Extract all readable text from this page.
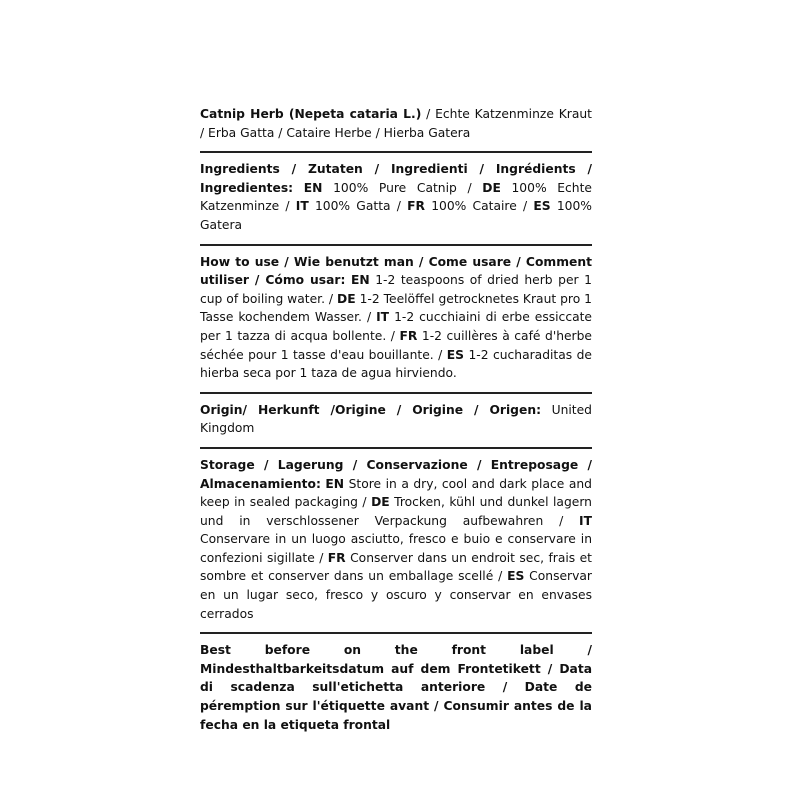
Catnip Herb (Nepeta cataria L.) / Echte Katzenminze Kraut / Erba Gatta / Cataire Herbe / Hierba Gatera
Ingredients / Zutaten / Ingredienti / Ingrédients / Ingredientes: EN 100% Pure Catnip / DE 100% Echte Katzenminze / IT 100% Gatta / FR 100% Cataire / ES 100% Gatera
How to use / Wie benutzt man / Come usare / Comment utiliser / Cómo usar: EN 1-2 teaspoons of dried herb per 1 cup of boiling water. / DE 1-2 Teelöffel getrocknetes Kraut pro 1 Tasse kochendem Wasser. / IT 1-2 cucchiaini di erbe essiccate per 1 tazza di acqua bollente. / FR 1-2 cuillères à café d'herbe séchée pour 1 tasse d'eau bouillante. / ES 1-2 cucharaditas de hierba seca por 1 taza de agua hirviendo.
Origin/ Herkunft /Origine / Origine / Origen: United Kingdom
Storage / Lagerung / Conservazione / Entreposage / Almacenamiento: EN Store in a dry, cool and dark place and keep in sealed packaging / DE Trocken, kühl und dunkel lagern und in verschlossener Verpackung aufbewahren / IT Conservare in un luogo asciutto, fresco e buio e conservare in confezioni sigillate / FR Conserver dans un endroit sec, frais et sombre et conserver dans un emballage scellé / ES Conservar en un lugar seco, fresco y oscuro y conservar en envases cerrados
Best before on the front label / Mindesthaltbarkeitsdatum auf dem Frontetikett / Data di scadenza sull'etichetta anteriore / Date de péremption sur l'étiquette avant / Consumir antes de la fecha en la etiqueta frontal
